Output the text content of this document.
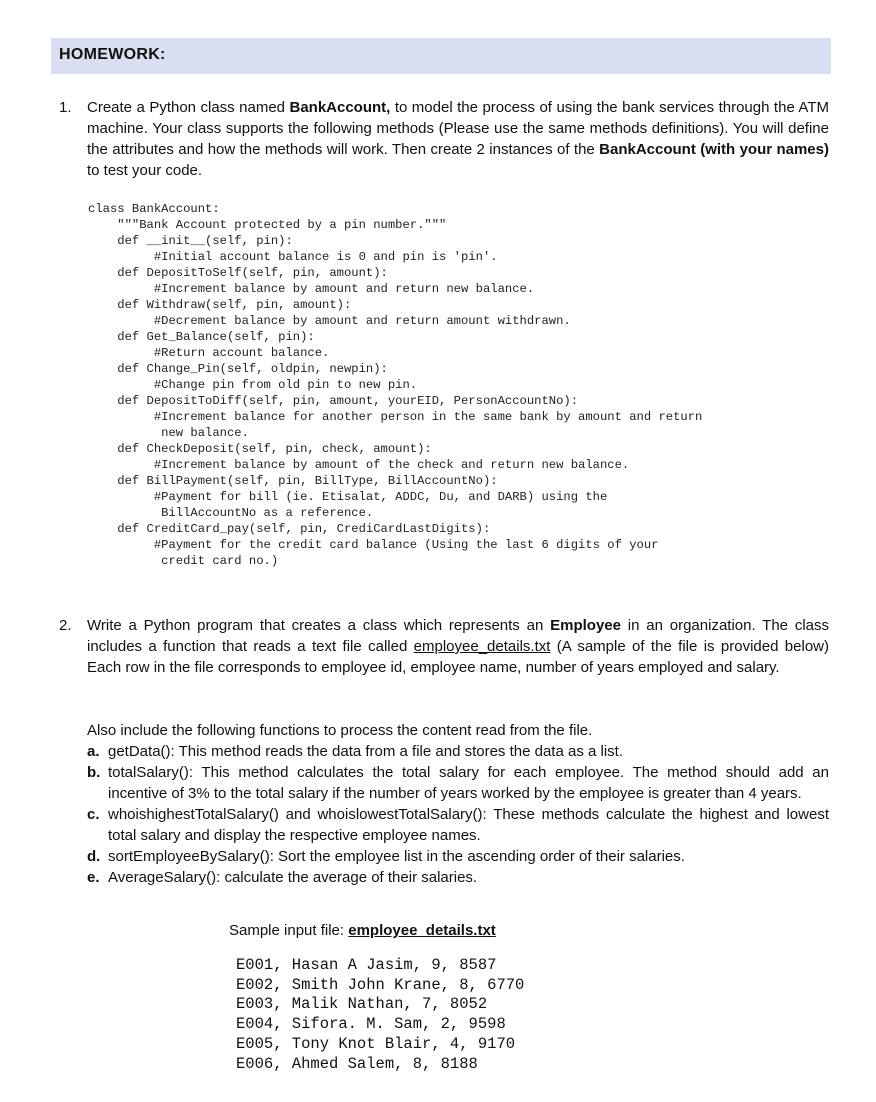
HOMEWORK:
1. Create a Python class named BankAccount, to model the process of using the bank services through the ATM machine. Your class supports the following methods (Please use the same methods definitions). You will define the attributes and how the methods will work. Then create 2 instances of the BankAccount (with your names) to test your code.
class BankAccount:
"""Bank Account protected by a pin number."""
def __init__(self, pin):
#Initial account balance is 0 and pin is 'pin'.
def DepositToSelf(self, pin, amount):
#Increment balance by amount and return new balance.
def Withdraw(self, pin, amount):
#Decrement balance by amount and return amount withdrawn.
def Get_Balance(self, pin):
#Return account balance.
def Change_Pin(self, oldpin, newpin):
#Change pin from old pin to new pin.
def DepositToDiff(self, pin, amount, yourEID, PersonAccountNo):
#Increment balance for another person in the same bank by amount and return
new balance.
def CheckDeposit(self, pin, check, amount):
#Increment balance by amount of the check and return new balance.
def BillPayment(self, pin, BillType, BillAccountNo):
#Payment for bill (ie. Etisalat, ADDC, Du, and DARB) using the
BillAccountNo as a reference.
def CreditCard_pay(self, pin, CrediCardLastDigits):
#Payment for the credit card balance (Using the last 6 digits of your
credit card no.)
2. Write a Python program that creates a class which represents an Employee in an organization. The class includes a function that reads a text file called employee_details.txt (A sample of the file is provided below) Each row in the file corresponds to employee id, employee name, number of years employed and salary.
Also include the following functions to process the content read from the file.
a. getData(): This method reads the data from a file and stores the data as a list.
b. totalSalary(): This method calculates the total salary for each employee. The method should add an incentive of 3% to the total salary if the number of years worked by the employee is greater than 4 years.
c. whoishighestTotalSalary() and whoislowestTotalSalary(): These methods calculate the highest and lowest total salary and display the respective employee names.
d. sortEmployeeBySalary(): Sort the employee list in the ascending order of their salaries.
e. AverageSalary(): calculate the average of their salaries.
Sample input file: employee_details.txt
E001, Hasan A Jasim, 9, 8587
E002, Smith John Krane, 8, 6770
E003, Malik Nathan, 7, 8052
E004, Sifora. M. Sam, 2, 9598
E005, Tony Knot Blair, 4, 9170
E006, Ahmed Salem, 8, 8188
